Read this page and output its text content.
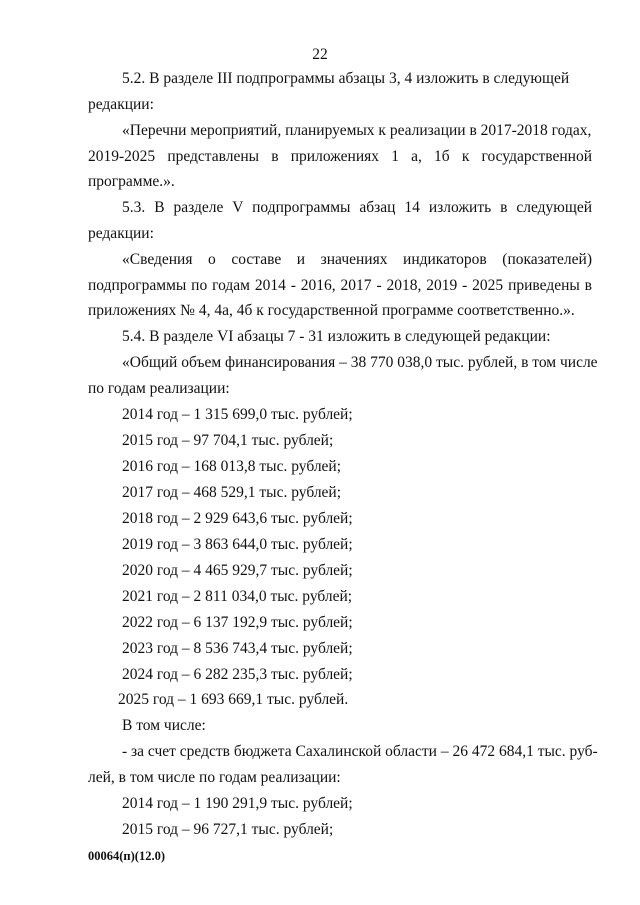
22
5.2. В разделе III подпрограммы абзацы 3, 4 изложить в следующей
редакции:
«Перечни мероприятий, планируемых к реализации в 2017-2018 годах,
2019-2025 представлены в приложениях 1 а, 1б к государственной
программе.».
5.3. В разделе V подпрограммы абзац 14 изложить в следующей
редакции:
«Сведения о составе и значениях индикаторов (показателей)
подпрограммы по годам 2014 - 2016, 2017 - 2018, 2019 - 2025 приведены в
приложениях № 4, 4а, 4б к государственной программе соответственно.».
5.4. В разделе VI абзацы 7 - 31 изложить в следующей редакции:
«Общий объем финансирования – 38 770 038,0 тыс. рублей, в том числе
по годам реализации:
2014 год – 1 315 699,0 тыс. рублей;
2015 год – 97 704,1 тыс. рублей;
2016 год – 168 013,8 тыс. рублей;
2017 год – 468 529,1 тыс. рублей;
2018 год – 2 929 643,6 тыс. рублей;
2019 год – 3 863 644,0 тыс. рублей;
2020 год – 4 465 929,7 тыс. рублей;
2021 год – 2 811 034,0 тыс. рублей;
2022 год – 6 137 192,9 тыс. рублей;
2023 год – 8 536 743,4 тыс. рублей;
2024 год – 6 282 235,3 тыс. рублей;
2025 год – 1 693 669,1 тыс. рублей.
В том числе:
- за счет средств бюджета Сахалинской области – 26 472 684,1 тыс. руб-
лей, в том числе по годам реализации:
2014 год – 1 190 291,9 тыс. рублей;
2015 год – 96 727,1 тыс. рублей;
00064(п)(12.0)
